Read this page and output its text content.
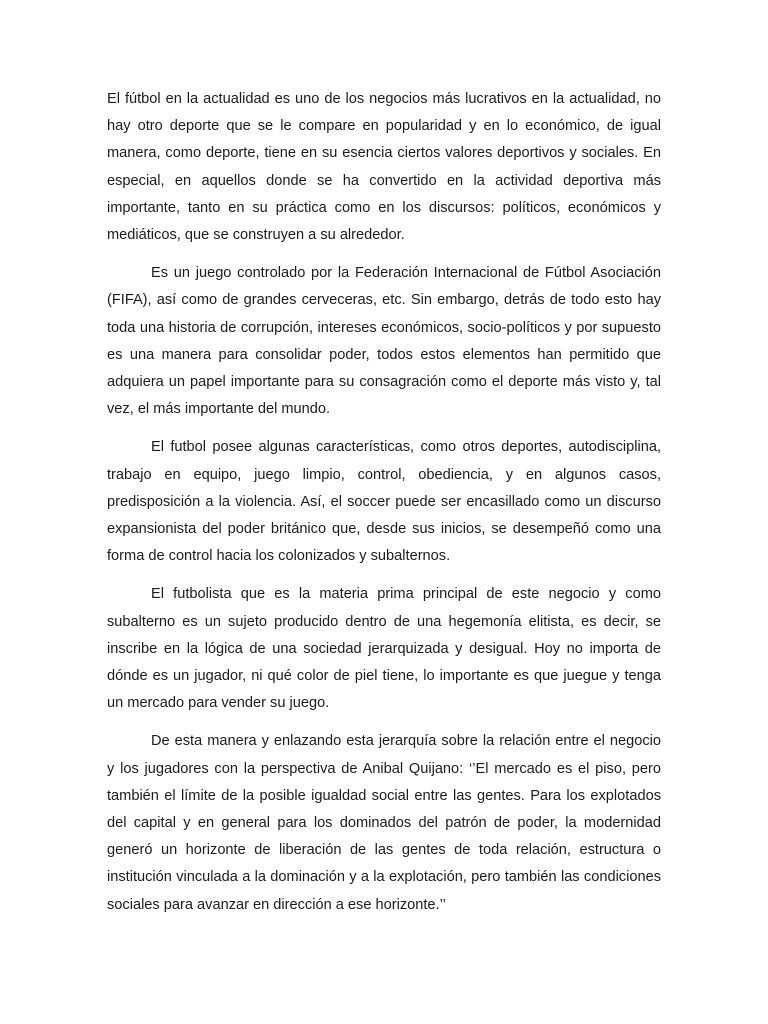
El fútbol en la actualidad es uno de los negocios más lucrativos en la actualidad, no hay otro deporte que se le compare en popularidad y en lo económico, de igual manera, como deporte, tiene en su esencia ciertos valores deportivos y sociales. En especial, en aquellos donde se ha convertido en la actividad deportiva más importante, tanto en su práctica como en los discursos: políticos, económicos y mediáticos, que se construyen a su alrededor.

Es un juego controlado por la Federación Internacional de Fútbol Asociación (FIFA), así como de grandes cerveceras, etc. Sin embargo, detrás de todo esto hay toda una historia de corrupción, intereses económicos, socio-políticos y por supuesto es una manera para consolidar poder, todos estos elementos han permitido que adquiera un papel importante para su consagración como el deporte más visto y, tal vez, el más importante del mundo.

El futbol posee algunas características, como otros deportes, autodisciplina, trabajo en equipo, juego limpio, control, obediencia, y en algunos casos, predisposición a la violencia. Así, el soccer puede ser encasillado como un discurso expansionista del poder británico que, desde sus inicios, se desempeñó como una forma de control hacia los colonizados y subalternos.

El futbolista que es la materia prima principal de este negocio y como subalterno es un sujeto producido dentro de una hegemonía elitista, es decir, se inscribe en la lógica de una sociedad jerarquizada y desigual. Hoy no importa de dónde es un jugador, ni qué color de piel tiene, lo importante es que juegue y tenga un mercado para vender su juego.

De esta manera y enlazando esta jerarquía sobre la relación entre el negocio y los jugadores con la perspectiva de Anibal Quijano: ‘’El mercado es el piso, pero también el límite de la posible igualdad social entre las gentes. Para los explotados del capital y en general para los dominados del patrón de poder, la modernidad generó un horizonte de liberación de las gentes de toda relación, estructura o institución vinculada a la dominación y a la explotación, pero también las condiciones sociales para avanzar en dirección a ese horizonte.’’
